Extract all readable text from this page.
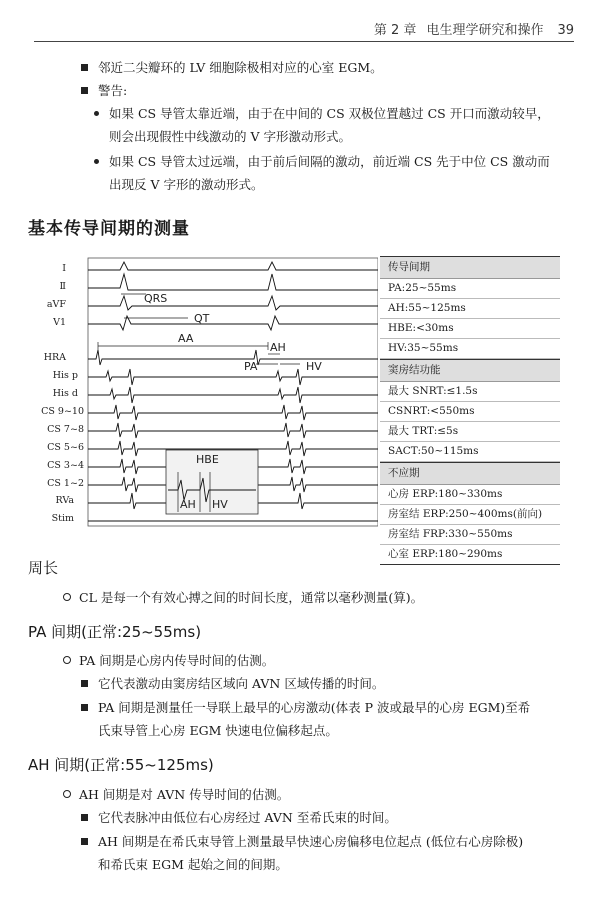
第 2 章 电生理学研究和操作 39
邻近二尖瓣环的 LV 细胞除极相对应的心室 EGM。
警告:
如果 CS 导管太靠近端，由于在中间的 CS 双极位置越过 CS 开口而激动较早，
则会出现假性中线激动的 V 字形激动形式。
如果 CS 导管太过远端，由于前后间隔的激动，前近端 CS 先于中位 CS 激动而
出现反 V 字形的激动形式。
基本传导间期的测量
Ⅰ
Ⅱ
aVF
V1
HRA
His p
His d
CS 9~10
CS 7~8
CS 5~6
CS 3~4
CS 1~2
RVa
Stim
QRS
QT
AA
AH
PA	HV
HBE
AH HV
传导间期
PA:25~55ms
AH:55~125ms
HBE:<30ms
HV:35~55ms
窦房结功能
最大 SNRT:≤1.5s
CSNRT:<550ms
最大 TRT:≤5s
SACT:50~115ms
不应期
心房 ERP:180~330ms
房室结 ERP:250~400ms(前向)
房室结 FRP:330~550ms
心室 ERP:180~290ms
周长
CL 是每一个有效心搏之间的时间长度，通常以毫秒测量(算)。
PA 间期(正常:25~55ms)
PA 间期是心房内传导时间的估测。
它代表激动由窦房结区域向 AVN 区域传播的时间。
PA 间期是测量任一导联上最早的心房激动(体表 P 波或最早的心房 EGM)至希
氏束导管上心房 EGM 快速电位偏移起点。
AH 间期(正常:55~125ms)
AH 间期是对 AVN 传导时间的估测。
它代表脉冲由低位右心房经过 AVN 至希氏束的时间。
AH 间期是在希氏束导管上测量最早快速心房偏移电位起点 (低位右心房除极)
和希氏束 EGM 起始之间的间期。
